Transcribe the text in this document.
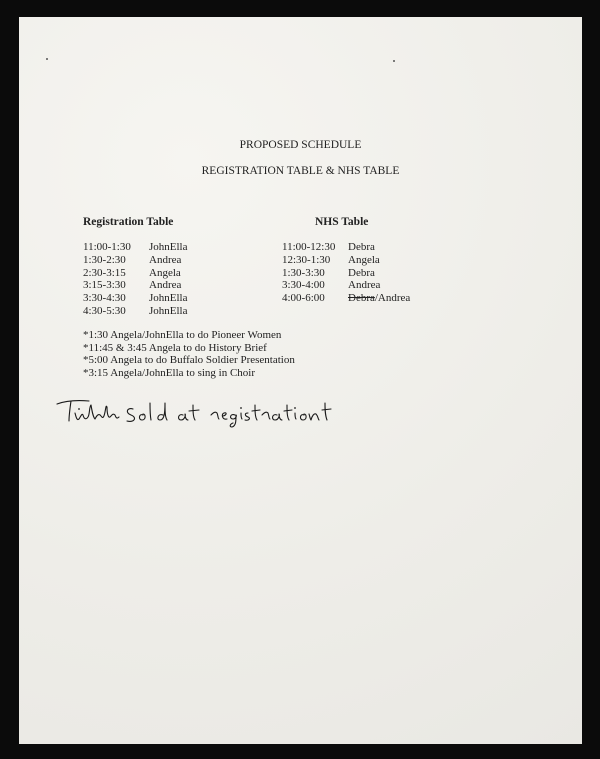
PROPOSED SCHEDULE
REGISTRATION TABLE & NHS TABLE
Registration Table
11:00-1:30 JohnElla
1:30-2:30 Andrea
2:30-3:15 Angela
3:15-3:30 Andrea
3:30-4:30 JohnElla
4:30-5:30 JohnElla
NHS Table
11:00-12:30 Debra
12:30-1:30 Angela
1:30-3:30 Debra
3:30-4:00 Andrea
4:00-6:00 Debra/Andrea
*1:30 Angela/JohnElla to do Pioneer Women
*11:45 & 3:45 Angela to do History Brief
*5:00 Angela to do Buffalo Soldier Presentation
*3:15 Angela/JohnElla to sing in Choir
